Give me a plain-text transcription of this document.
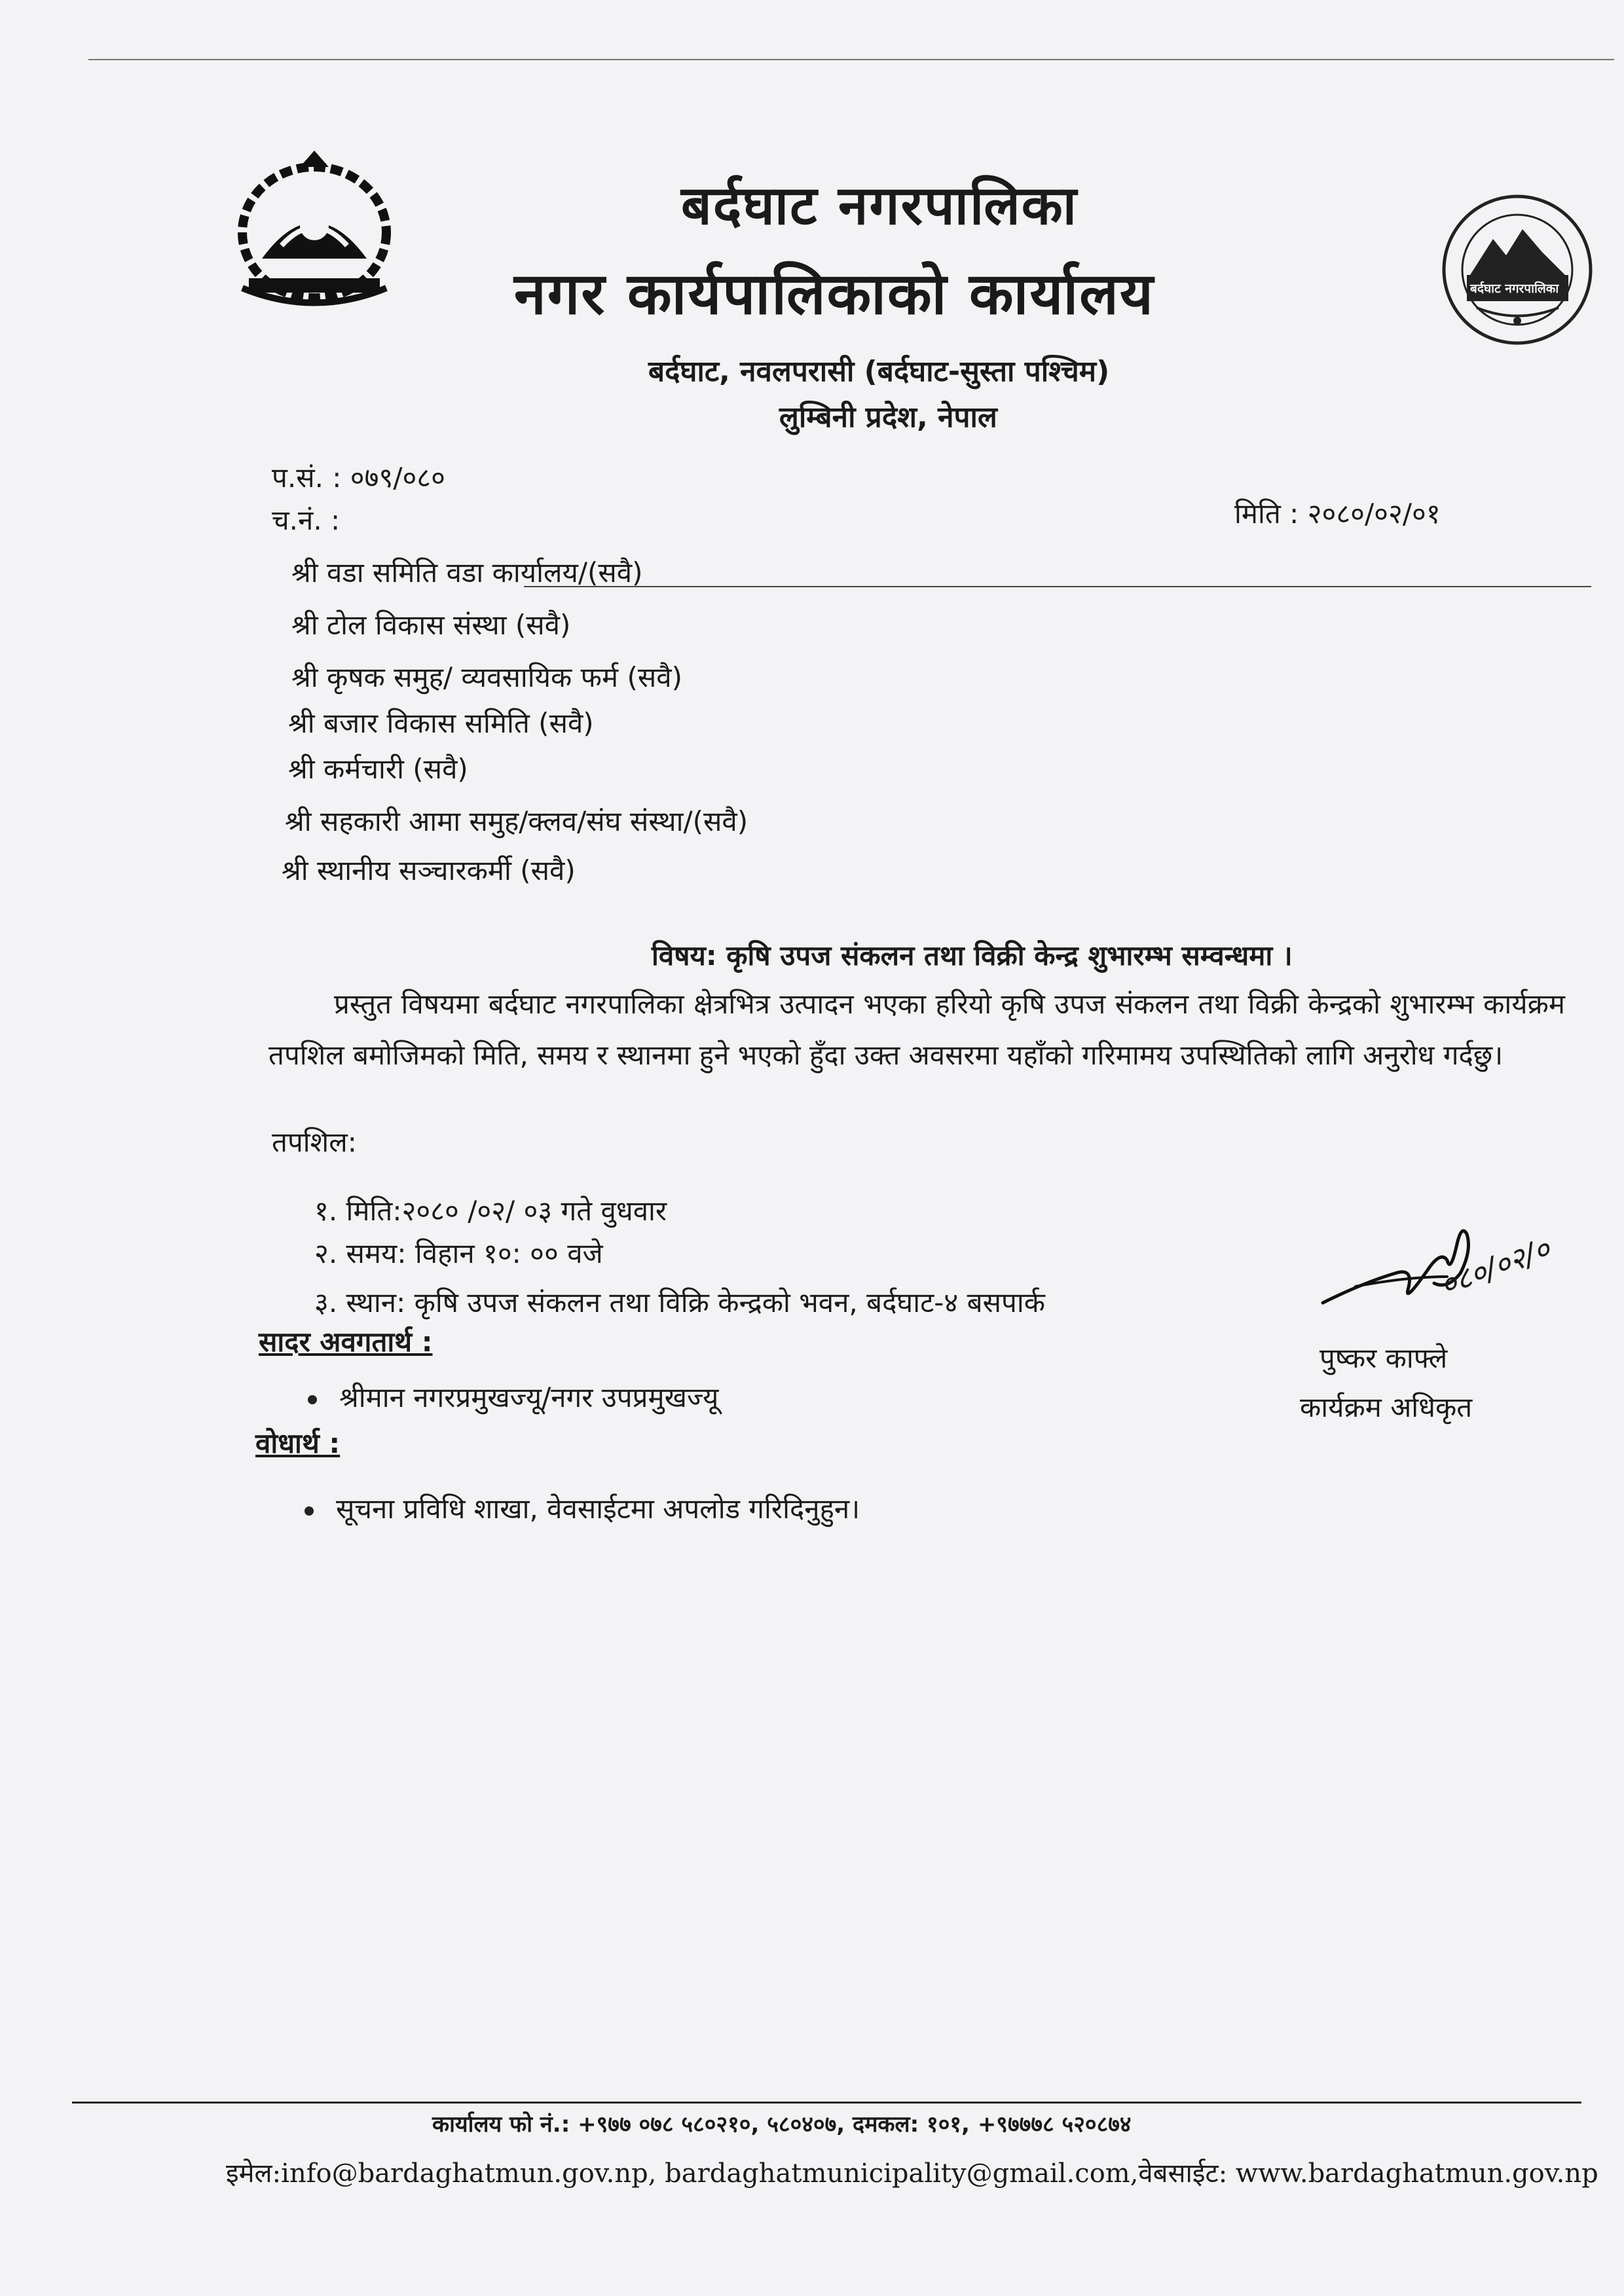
बर्दघाट नगरपालिका
बर्दघाट नगरपालिका
नगर कार्यपालिकाको कार्यालय
बर्दघाट, नवलपरासी (बर्दघाट-सुस्ता पश्चिम)
लुम्बिनी प्रदेश, नेपाल
प.सं. : ०७९/०८०
च.नं. :	मिति : २०८०/०२/०१
श्री वडा समिति वडा कार्यालय/(सवै)
श्री टोल विकास संस्था (सवै)
श्री कृषक समुह/ व्यवसायिक फर्म (सवै)
श्री बजार विकास समिति (सवै)
श्री कर्मचारी (सवै)
श्री सहकारी आमा समुह/क्लव/संघ संस्था/(सवै)
श्री स्थानीय सञ्चारकर्मी (सवै)
विषय: कृषि उपज संकलन तथा विक्री केन्द्र शुभारम्भ सम्वन्धमा ।
प्रस्तुत विषयमा बर्दघाट नगरपालिका क्षेत्रभित्र उत्पादन भएका हरियो कृषि उपज संकलन तथा विक्री केन्द्रको शुभारम्भ कार्यक्रम तपशिल बमोजिमको मिति, समय र स्थानमा हुने भएको हुँदा उक्त अवसरमा यहाँको गरिमामय उपस्थितिको लागि अनुरोध गर्दछु।
तपशिल:
१. मिति:२०८० /०२/ ०३ गते वुधवार
२. समय: विहान १०: ०० वजे
३. स्थान: कृषि उपज संकलन तथा विक्रि केन्द्रको भवन, बर्दघाट-४ बसपार्क
सादर अवगतार्थ :
श्रीमान नगरप्रमुखज्यू/नगर उपप्रमुखज्यू
वोधार्थ :
सूचना प्रविधि शाखा, वेवसाईटमा अपलोड गरिदिनुहुन।
०८०/०२/०
पुष्कर काफ्ले
कार्यक्रम अधिकृत
कार्यालय फो नं.: +९७७ ०७८ ५८०२१०, ५८०४०७, दमकल: १०१, +९७७७८ ५२०८७४
इमेल:info@bardaghatmun.gov.np, bardaghatmunicipality@gmail.com,वेबसाईट: www.bardaghatmun.gov.np
